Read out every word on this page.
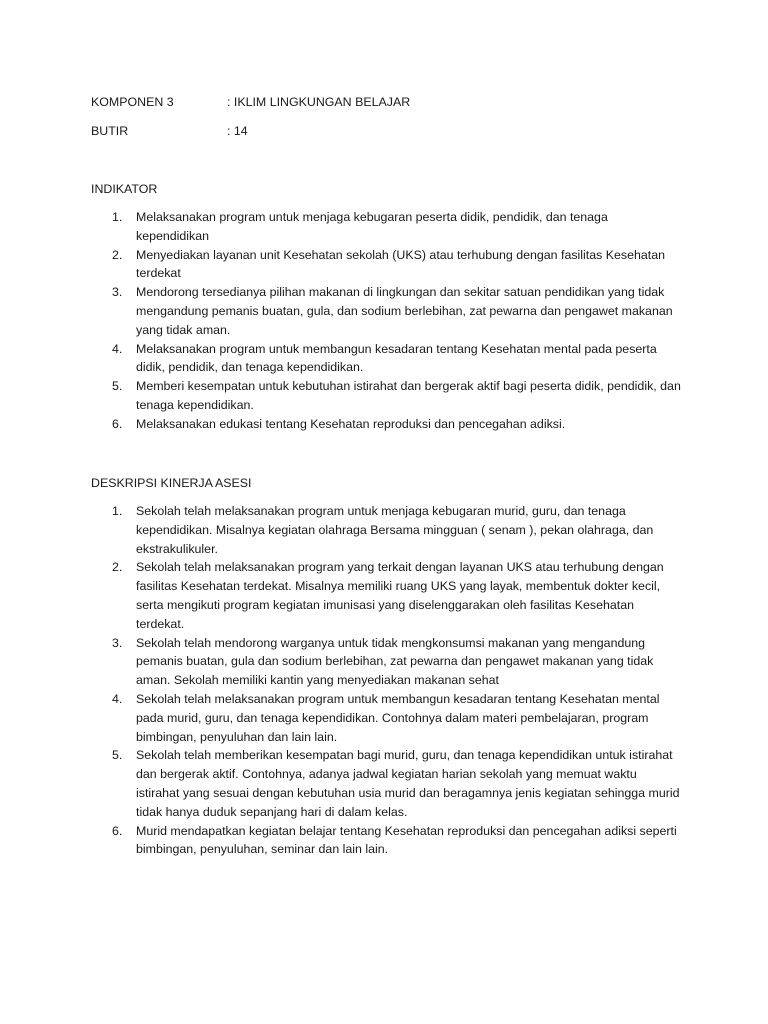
KOMPONEN 3	: IKLIM LINGKUNGAN BELAJAR
BUTIR	: 14
INDIKATOR
1. Melaksanakan program untuk menjaga kebugaran peserta didik, pendidik, dan tenaga kependidikan
2. Menyediakan layanan unit Kesehatan sekolah (UKS) atau terhubung dengan fasilitas Kesehatan terdekat
3. Mendorong tersedianya pilihan makanan di lingkungan dan sekitar satuan pendidikan yang tidak mengandung pemanis buatan, gula, dan sodium berlebihan, zat pewarna dan pengawet makanan yang tidak aman.
4. Melaksanakan program untuk membangun kesadaran tentang Kesehatan mental pada peserta didik, pendidik, dan tenaga kependidikan.
5. Memberi kesempatan untuk kebutuhan istirahat dan bergerak aktif bagi peserta didik, pendidik, dan tenaga kependidikan.
6. Melaksanakan edukasi tentang Kesehatan reproduksi dan pencegahan adiksi.
DESKRIPSI KINERJA ASESI
1. Sekolah telah melaksanakan program untuk menjaga kebugaran murid, guru, dan tenaga kependidikan. Misalnya kegiatan olahraga Bersama mingguan ( senam ), pekan olahraga, dan ekstrakulikuler.
2. Sekolah telah melaksanakan program yang terkait dengan layanan UKS atau terhubung dengan fasilitas Kesehatan terdekat. Misalnya memiliki ruang UKS yang layak, membentuk dokter kecil, serta mengikuti program kegiatan imunisasi yang diselenggarakan oleh fasilitas Kesehatan terdekat.
3. Sekolah telah mendorong warganya untuk tidak mengkonsumsi makanan yang mengandung pemanis buatan, gula dan sodium berlebihan, zat pewarna dan pengawet makanan yang tidak aman. Sekolah memiliki kantin yang menyediakan makanan sehat
4. Sekolah telah melaksanakan program untuk membangun kesadaran tentang Kesehatan mental pada murid, guru, dan tenaga kependidikan. Contohnya dalam materi pembelajaran, program bimbingan, penyuluhan dan lain lain.
5. Sekolah telah memberikan kesempatan bagi murid, guru, dan tenaga kependidikan untuk istirahat dan bergerak aktif. Contohnya, adanya jadwal kegiatan harian sekolah yang memuat waktu istirahat yang sesuai dengan kebutuhan usia murid dan beragamnya jenis kegiatan sehingga murid tidak hanya duduk sepanjang hari di dalam kelas.
6. Murid mendapatkan kegiatan belajar tentang Kesehatan reproduksi dan pencegahan adiksi seperti bimbingan, penyuluhan, seminar dan lain lain.
